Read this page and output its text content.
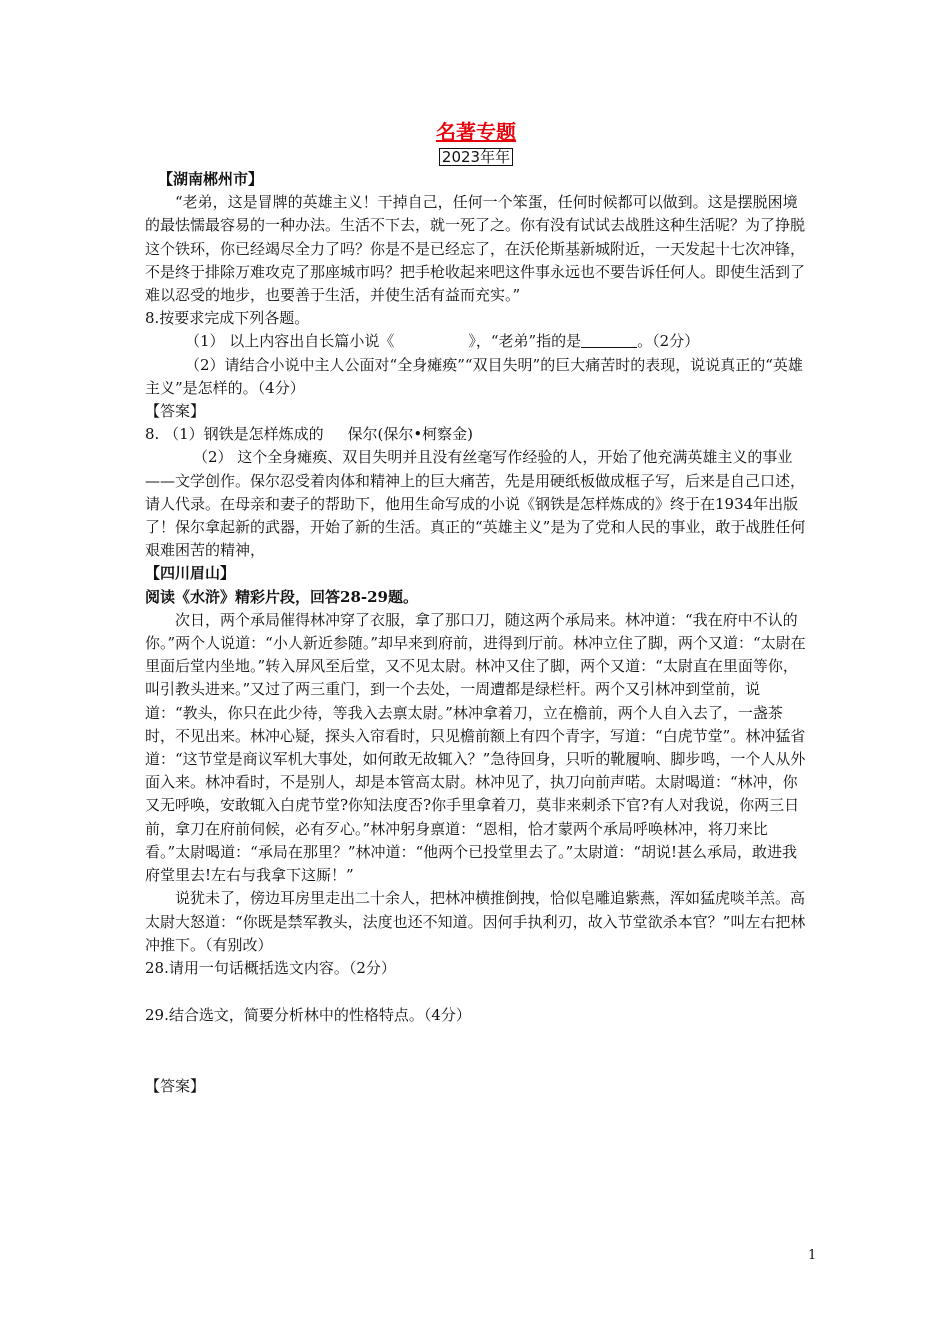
名著专题
2023年年

【湖南郴州市】

“老弟，这是冒牌的英雄主义！干掉自己，任何一个笨蛋，任何时候都可以做到。这是摆脱困境的最怯懦最容易的一种办法。生活不下去，就一死了之。你有没有试试去战胜这种生活呢？为了挣脱这个铁环，你已经竭尽全力了吗？你是不是已经忘了，在沃伦斯基新城附近，一天发起十七次冲锋，不是终于排除万难攻克了那座城市吗？把手枪收起来吧这件事永远也不要告诉任何人。即使生活到了难以忍受的地步，也要善于生活，并使生活有益而充实。”

8.按要求完成下列各题。

（1） 以上内容出自长篇小说《	》，“老弟”指的是	。（2分）

（2）请结合小说中主人公面对“全身瘫痪”“双目失明”的巨大痛苦时的表现，说说真正的“英雄主义”是怎样的。（4分）

【答案】

8. （1）钢铁是怎样炼成的     保尔(保尔•柯察金)

（2） 这个全身瘫痪、双目失明并且没有丝毫写作经验的人，开始了他充满英雄主义的事业——文学创作。保尔忍受着肉体和精神上的巨大痛苦，先是用硬纸板做成框子写，后来是自己口述，请人代录。在母亲和妻子的帮助下，他用生命写成的小说《钢铁是怎样炼成的》终于在1934年出版了！保尔拿起新的武器，开始了新的生活。真正的“英雄主义”是为了党和人民的事业，敢于战胜任何艰难困苦的精神，

【四川眉山】

阅读《水浒》精彩片段，回答28-29题。

次日，两个承局催得林冲穿了衣服，拿了那口刀，随这两个承局来。林冲道：“我在府中不认的你。”两个人说道：“小人新近参随。”却早来到府前，进得到厅前。林冲立住了脚，两个又道：“太尉在里面后堂内坐地。”转入屏风至后堂，又不见太尉。林冲又住了脚，两个又道：“太尉直在里面等你，叫引教头进来。”又过了两三重门，到一个去处，一周遭都是绿栏杆。两个又引林冲到堂前，说道：“教头，你只在此少待，等我入去禀太尉。”林冲拿着刀，立在檐前，两个人自入去了，一盏茶时，不见出来。林冲心疑，探头入帘看时，只见檐前额上有四个青字，写道：“白虎节堂”。林冲猛省道：“这节堂是商议军机大事处，如何敢无故辄入？”急待回身，只听的靴履响、脚步鸣，一个人从外面入来。林冲看时，不是别人，却是本管高太尉。林冲见了，执刀向前声喏。太尉喝道：“林冲，你又无呼唤，安敢辄入白虎节堂?你知法度否?你手里拿着刀，莫非来刺杀下官?有人对我说，你两三日前，拿刀在府前伺候，必有歹心。”林冲躬身禀道：“恩相，恰才蒙两个承局呼唤林冲，将刀来比看。”太尉喝道：“承局在那里？”林冲道：“他两个已投堂里去了。”太尉道：“胡说!甚么承局，敢进我府堂里去!左右与我拿下这厮！”

说犹未了，傍边耳房里走出二十余人，把林冲横推倒拽，恰似皂雕追紫燕，浑如猛虎啖羊羔。高太尉大怒道：“你既是禁军教头，法度也还不知道。因何手执利刃，故入节堂欲杀本官？”叫左右把林冲推下。（有别改）

28.请用一句话概括选文内容。（2分）

29.结合选文，简要分析林中的性格特点。（4分）

【答案】

1
